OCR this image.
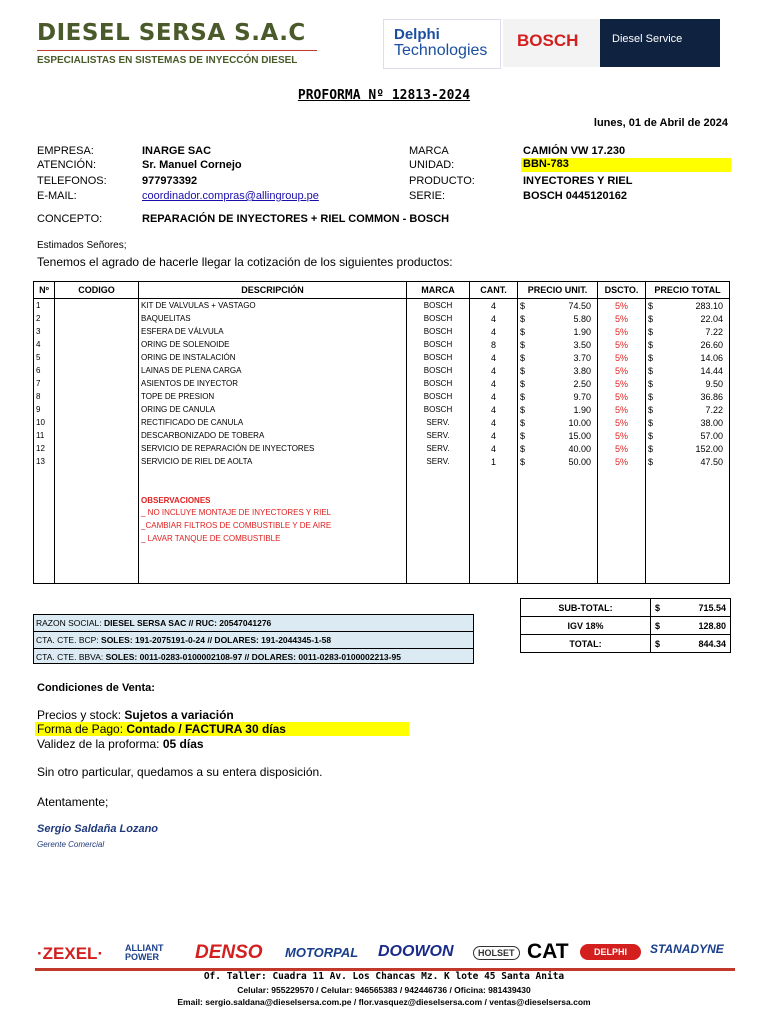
DIESEL SERSA S.A.C
ESPECIALISTAS EN SISTEMAS DE INYECCÓN DIESEL
Delphi
Technologies
BOSCH	Diesel Service
PROFORMA Nº 12813-2024
lunes, 01 de Abril de 2024
EMPRESA:	INARGE SAC
ATENCIÓN:	Sr. Manuel Cornejo
TELEFONOS:	977973392
E-MAIL:	coordinador.compras@allingroup.pe
MARCA	CAMIÓN VW 17.230
UNIDAD:	BBN-783
PRODUCTO:	INYECTORES Y RIEL
SERIE:	BOSCH 0445120162
CONCEPTO:	REPARACIÓN DE INYECTORES + RIEL COMMON - BOSCH
Estimados Señores;
Tenemos el agrado de hacerle llegar la cotización de los siguientes productos:
Nº	CODIGO	DESCRIPCIÓN	MARCA	CANT.	PRECIO UNIT.	DSCTO.	PRECIO TOTAL
1		KIT DE VALVULAS + VASTAGO	BOSCH	4	$ 74.50	5%	$ 283.10

2		BAQUELITAS	BOSCH	4	$ 5.80	5%	$ 22.04

3		ESFERA DE VÁLVULA	BOSCH	4	$ 1.90	5%	$ 7.22

4		ORING DE SOLENOIDE	BOSCH	8	$ 3.50	5%	$ 26.60

5		ORING DE INSTALACIÓN	BOSCH	4	$ 3.70	5%	$ 14.06

6		LAINAS DE PLENA CARGA	BOSCH	4	$ 3.80	5%	$ 14.44

7		ASIENTOS DE INYECTOR	BOSCH	4	$ 2.50	5%	$ 9.50

8		TOPE DE PRESION	BOSCH	4	$ 9.70	5%	$ 36.86

9		ORING DE CANULA	BOSCH	4	$ 1.90	5%	$ 7.22

10		RECTIFICADO DE CANULA	SERV.	4	$ 10.00	5%	$ 38.00

11		DESCARBONIZADO DE TOBERA	SERV.	4	$ 15.00	5%	$ 57.00

12		SERVICIO DE REPARACIÓN DE INYECTORES	SERV.	4	$ 40.00	5%	$ 152.00

13		SERVICIO DE RIEL DE AOLTA	SERV.	1	$ 50.00	5%	$ 47.50

		OBSERVACIONES
_ NO INCLUYE MONTAJE DE INYECTORES Y RIEL
_CAMBIAR FILTROS DE COMBUSTIBLE Y DE AIRE
_ LAVAR TANQUE DE COMBUSTIBLE					

SUB-TOTAL:	$ 715.54

IGV 18%	$ 128.80

TOTAL:	$ 844.34
RAZON SOCIAL: DIESEL SERSA SAC // RUC: 20547041276
CTA. CTE. BCP: SOLES: 191-2075191-0-24 // DOLARES: 191-2044345-1-58
CTA. CTE. BBVA: SOLES: 0011-0283-0100002108-97 // DOLARES: 0011-0283-0100002213-95
Condiciones de Venta:
Precios y stock: Sujetos a variación
Forma de Pago: Contado / FACTURA 30 días
Validez de la proforma: 05 días
Sin otro particular, quedamos a su entera disposición.
Atentamente;
Sergio Saldaña Lozano
Gerente Comercial
·ZEXEL· ALLIANT POWER	DENSO MOTORPAL DOOWON	HOLSET CAT	DELPHI	STANADYNE
Of. Taller: Cuadra 11 Av. Los Chancas Mz. K lote 45 Santa Anita
Celular: 955229570 / Celular: 946565383 / 942446736 / Oficina: 981439430
Email: sergio.saldana@dieselsersa.com.pe / flor.vasquez@dieselsersa.com / ventas@dieselsersa.com
